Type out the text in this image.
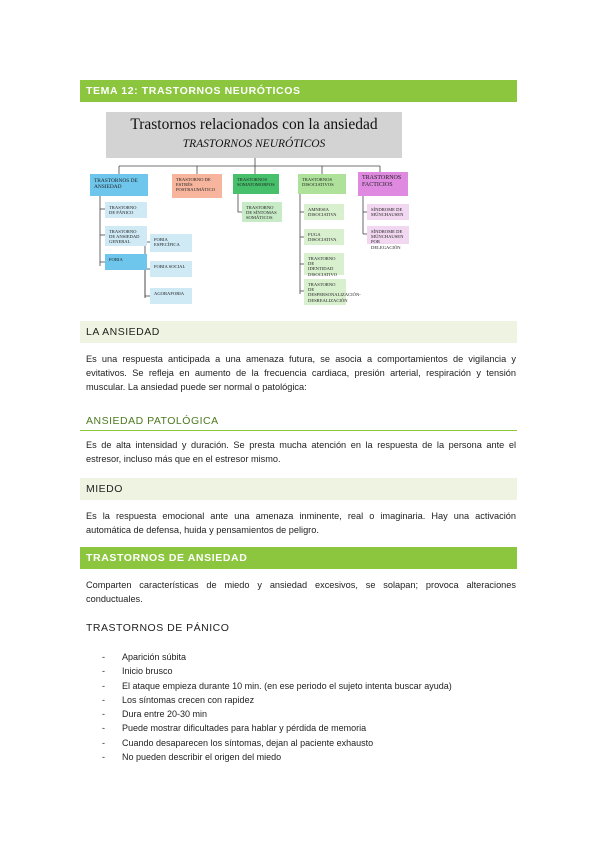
TEMA 12: TRASTORNOS NEURÓTICOS
Trastornos relacionados con la ansiedad
TRASTORNOS NEURÓTICOS
TRASTORNOS DE ANSIEDAD
TRASTORNO DE ESTRÉS POSTRAUMÁTICO
TRASTORNOS SOMATOMORFOS
TRASTORNOS DISOCIATIVOS
TRASTORNOS FACTICIOS
TRASTORNO DE PÁNICO
TRASTORNO DE ANSIEDAD GENERAL
FOBIA
FOBIA ESPECÍFICA
FOBIA SOCIAL
AGORAFOBIA
TRASTORNO DE SÍNTOMAS SOMÁTICOS
AMNESIA DISOCIATIVA
FUGA DISOCIATIVA
TRASTORNO DE IDENTIDAD DISOCIATIVO
TRASTORNO DE DESPERSONALIZACIÓN-DESREALIZACIÓN
SÍNDROME DE MÜNCHAUSEN
SÍNDROME DE MÜNCHAUSEN POR DELEGACIÓN
LA ANSIEDAD

Es una respuesta anticipada a una amenaza futura, se asocia a comportamientos de vigilancia y evitativos. Se refleja en aumento de la frecuencia cardiaca, presión arterial, respiración y tensión muscular. La ansiedad puede ser normal o patológica:

ANSIEDAD PATOLÓGICA

Es de alta intensidad y duración. Se presta mucha atención en la respuesta de la persona ante el estresor, incluso más que en el estresor mismo.

MIEDO

Es la respuesta emocional ante una amenaza inminente, real o imaginaria. Hay una activación automática de defensa, huida y pensamientos de peligro.

TRASTORNOS DE ANSIEDAD

Comparten características de miedo y ansiedad excesivos, se solapan; provoca alteraciones conductuales.

TRASTORNOS DE PÁNICO
- Aparición súbita
- Inicio brusco
- El ataque empieza durante 10 min. (en ese periodo el sujeto intenta buscar ayuda)
- Los síntomas crecen con rapidez
- Dura entre 20-30 min
- Puede mostrar dificultades para hablar y pérdida de memoria
- Cuando desaparecen los síntomas, dejan al paciente exhausto
- No pueden describir el origen del miedo
